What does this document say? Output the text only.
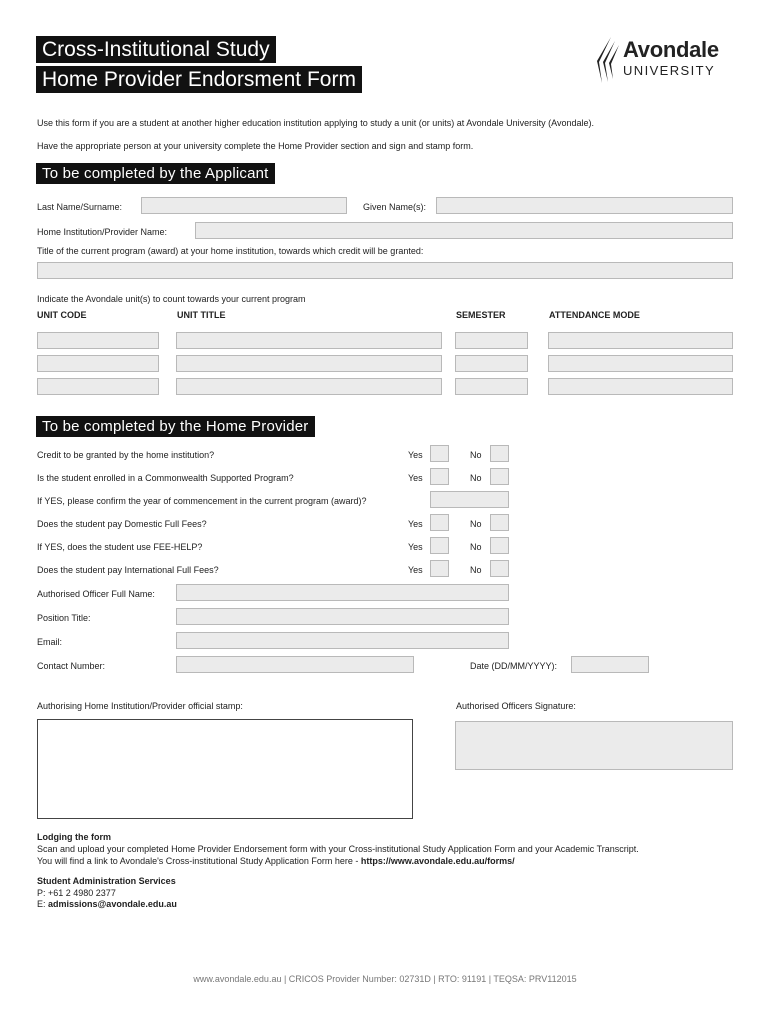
Cross-Institutional Study
Home Provider Endorsment Form
Avondale
UNIVERSITY
Use this form if you are a student at another higher education institution applying to study a unit (or units) at Avondale University (Avondale).
Have the appropriate person at your university complete the Home Provider section and sign and stamp form.
To be completed by the Applicant
Last Name/Surname:	Given Name(s):
Home Institution/Provider Name:
Title of the current program (award) at your home institution, towards which credit will be granted:
Indicate the Avondale unit(s) to count towards your current program
UNIT CODE	UNIT TITLE	SEMESTER	ATTENDANCE MODE
To be completed by the Home Provider
Credit to be granted by the home institution?	Yes	No
Is the student enrolled in a Commonwealth Supported Program?	Yes	No
If YES, please confirm the year of commencement in the current program (award)?
Does the student pay Domestic Full Fees?	Yes	No
If YES, does the student use FEE-HELP?	Yes	No
Does the student pay International Full Fees?	Yes	No
Authorised Officer Full Name:
Position Title:
Email:
Contact Number:	Date (DD/MM/YYYY):
Authorising Home Institution/Provider official stamp:	Authorised Officers Signature:
Lodging the form
Scan and upload your completed Home Provider Endorsement form with your Cross-institutional Study Application Form and your Academic Transcript.
You will find a link to Avondale's Cross-institutional Study Application Form here - https://www.avondale.edu.au/forms/
Student Administration Services
P: +61 2 4980 2377
E: admissions@avondale.edu.au
www.avondale.edu.au | CRICOS Provider Number: 02731D | RTO: 91191 | TEQSA: PRV112015
